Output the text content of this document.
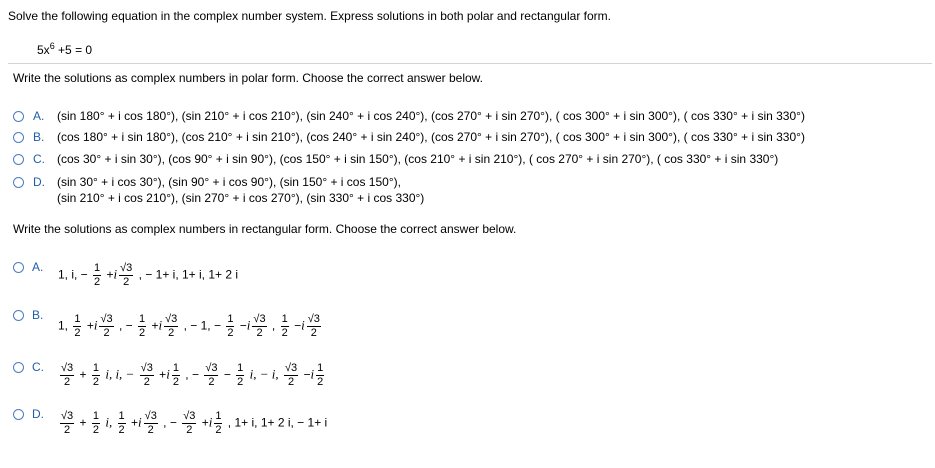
Solve the following equation in the complex number system. Express solutions in both polar and rectangular form.
$5x^6 +5 = 0$
Write the solutions as complex numbers in polar form. Choose the correct answer below.
A. (sin 180° + i cos 180°), (sin 210° + i cos 210°), (sin 240° + i cos 240°), (cos 270° + i sin 270°), ( cos 300° + i sin 300°), ( cos 330° + i sin 330°)
B. (cos 180° + i sin 180°), (cos 210° + i sin 210°), (cos 240° + i sin 240°), (cos 270° + i sin 270°), ( cos 300° + i sin 300°), ( cos 330° + i sin 330°)
C. (cos 30° + i sin 30°), (cos 90° + i sin 90°), (cos 150° + i sin 150°), (cos 210° + i sin 210°), ( cos 270° + i sin 270°), ( cos 330° + i sin 330°)
D. (sin 30° + i cos 30°), (sin 90° + i cos 90°), (sin 150° + i cos 150°),
(sin 210° + i cos 210°), (sin 270° + i cos 270°), (sin 330° + i cos 330°)
Write the solutions as complex numbers in rectangular form. Choose the correct answer below.
A.
1, i, − $\frac{1}{2} +i \frac{√3}{2}$ , − 1+ i, 1+ i, 1+ 2 i
B.
1, $\frac{1}{2} +i \frac{√3}{2}$ , − $\frac{1}{2} +i \frac{√3}{2}$ , − 1, − $\frac{1}{2} -i \frac{√3}{2}$ , $\frac{1}{2} -i \frac{√3}{2}$
C. $\frac{√3}{2} + \frac{1}{2} i$, i, − $\frac{√3}{2} +i \frac{1}{2}$ , − $\frac{√3}{2} - \frac{1}{2} i$, − i, $\frac{√3}{2} -i \frac{1}{2}$
D. $\frac{√3}{2} + \frac{1}{2} i$, $\frac{1}{2} +i \frac{√3}{2}$ , − $\frac{√3}{2} +i \frac{1}{2}$ , 1+ i, 1+ 2 i, − 1+ i
